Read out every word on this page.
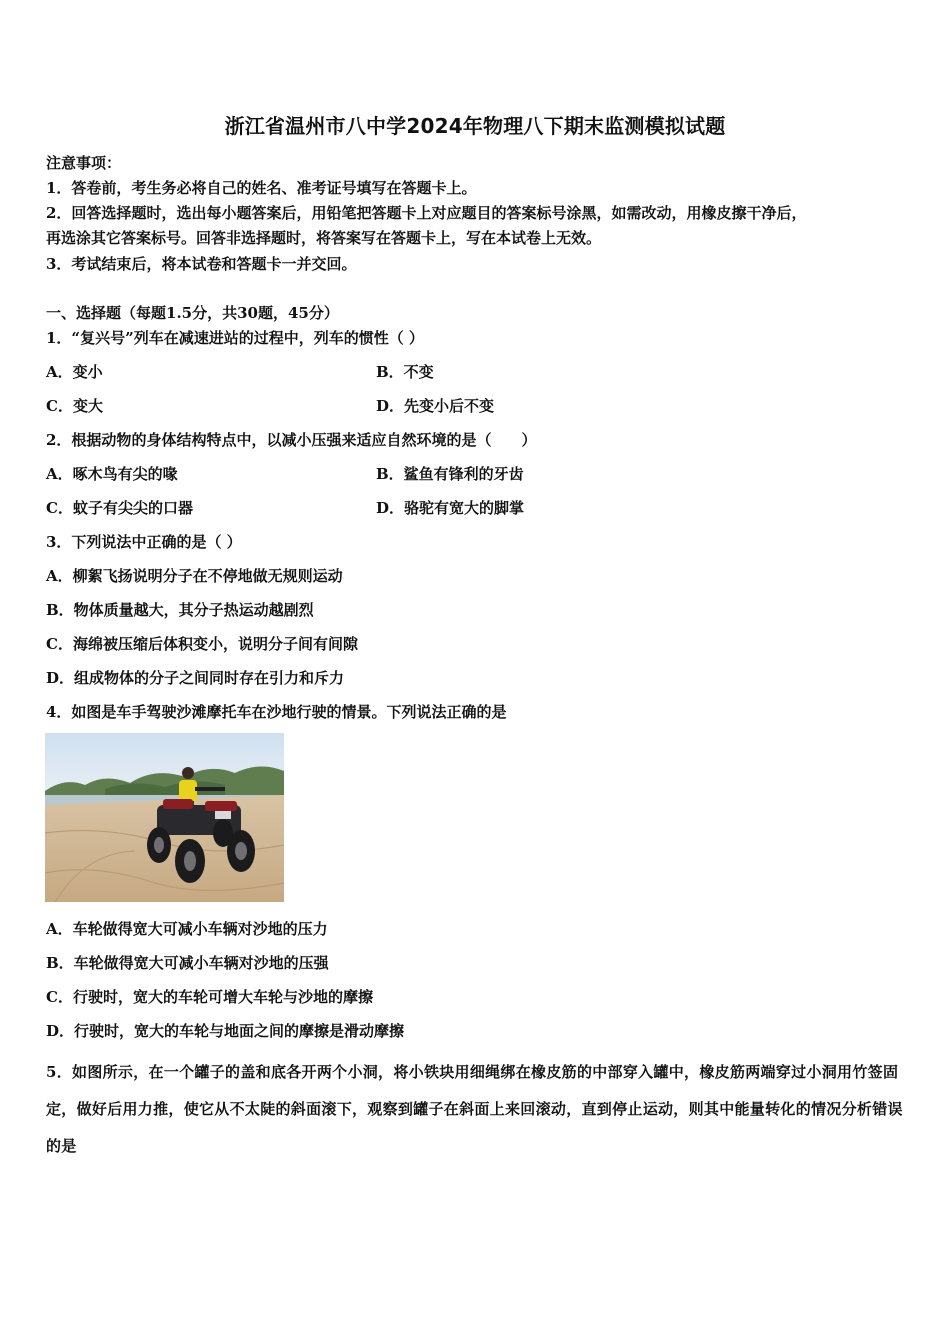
浙江省温州市八中学2024年物理八下期末监测模拟试题
注意事项：
1．答卷前，考生务必将自己的姓名、准考证号填写在答题卡上。
2．回答选择题时，选出每小题答案后，用铅笔把答题卡上对应题目的答案标号涂黑，如需改动，用橡皮擦干净后，
再选涂其它答案标号。回答非选择题时，将答案写在答题卡上，写在本试卷上无效。
3．考试结束后，将本试卷和答题卡一并交回。
一、选择题（每题1.5分，共30题，45分）
1．“复兴号”列车在减速进站的过程中，列车的惯性（ ）
A．变小	B．不变
C．变大	D．先变小后不变
2．根据动物的身体结构特点中，以减小压强来适应自然环境的是（　　）
A．啄木鸟有尖的喙	B．鲨鱼有锋利的牙齿
C．蚊子有尖尖的口器	D．骆驼有宽大的脚掌
3．下列说法中正确的是（ ）
A．柳絮飞扬说明分子在不停地做无规则运动
B．物体质量越大，其分子热运动越剧烈
C．海绵被压缩后体积变小，说明分子间有间隙
D．组成物体的分子之间同时存在引力和斥力
4．如图是车手驾驶沙滩摩托车在沙地行驶的情景。下列说法正确的是
A．车轮做得宽大可减小车辆对沙地的压力
B．车轮做得宽大可减小车辆对沙地的压强
C．行驶时，宽大的车轮可增大车轮与沙地的摩擦
D．行驶时，宽大的车轮与地面之间的摩擦是滑动摩擦
5．如图所示，在一个罐子的盖和底各开两个小洞，将小铁块用细绳绑在橡皮筋的中部穿入罐中，橡皮筋两端穿过小洞用竹签固定，做好后用力推，使它从不太陡的斜面滚下，观察到罐子在斜面上来回滚动，直到停止运动，则其中能量转化的情况分析错误的是
